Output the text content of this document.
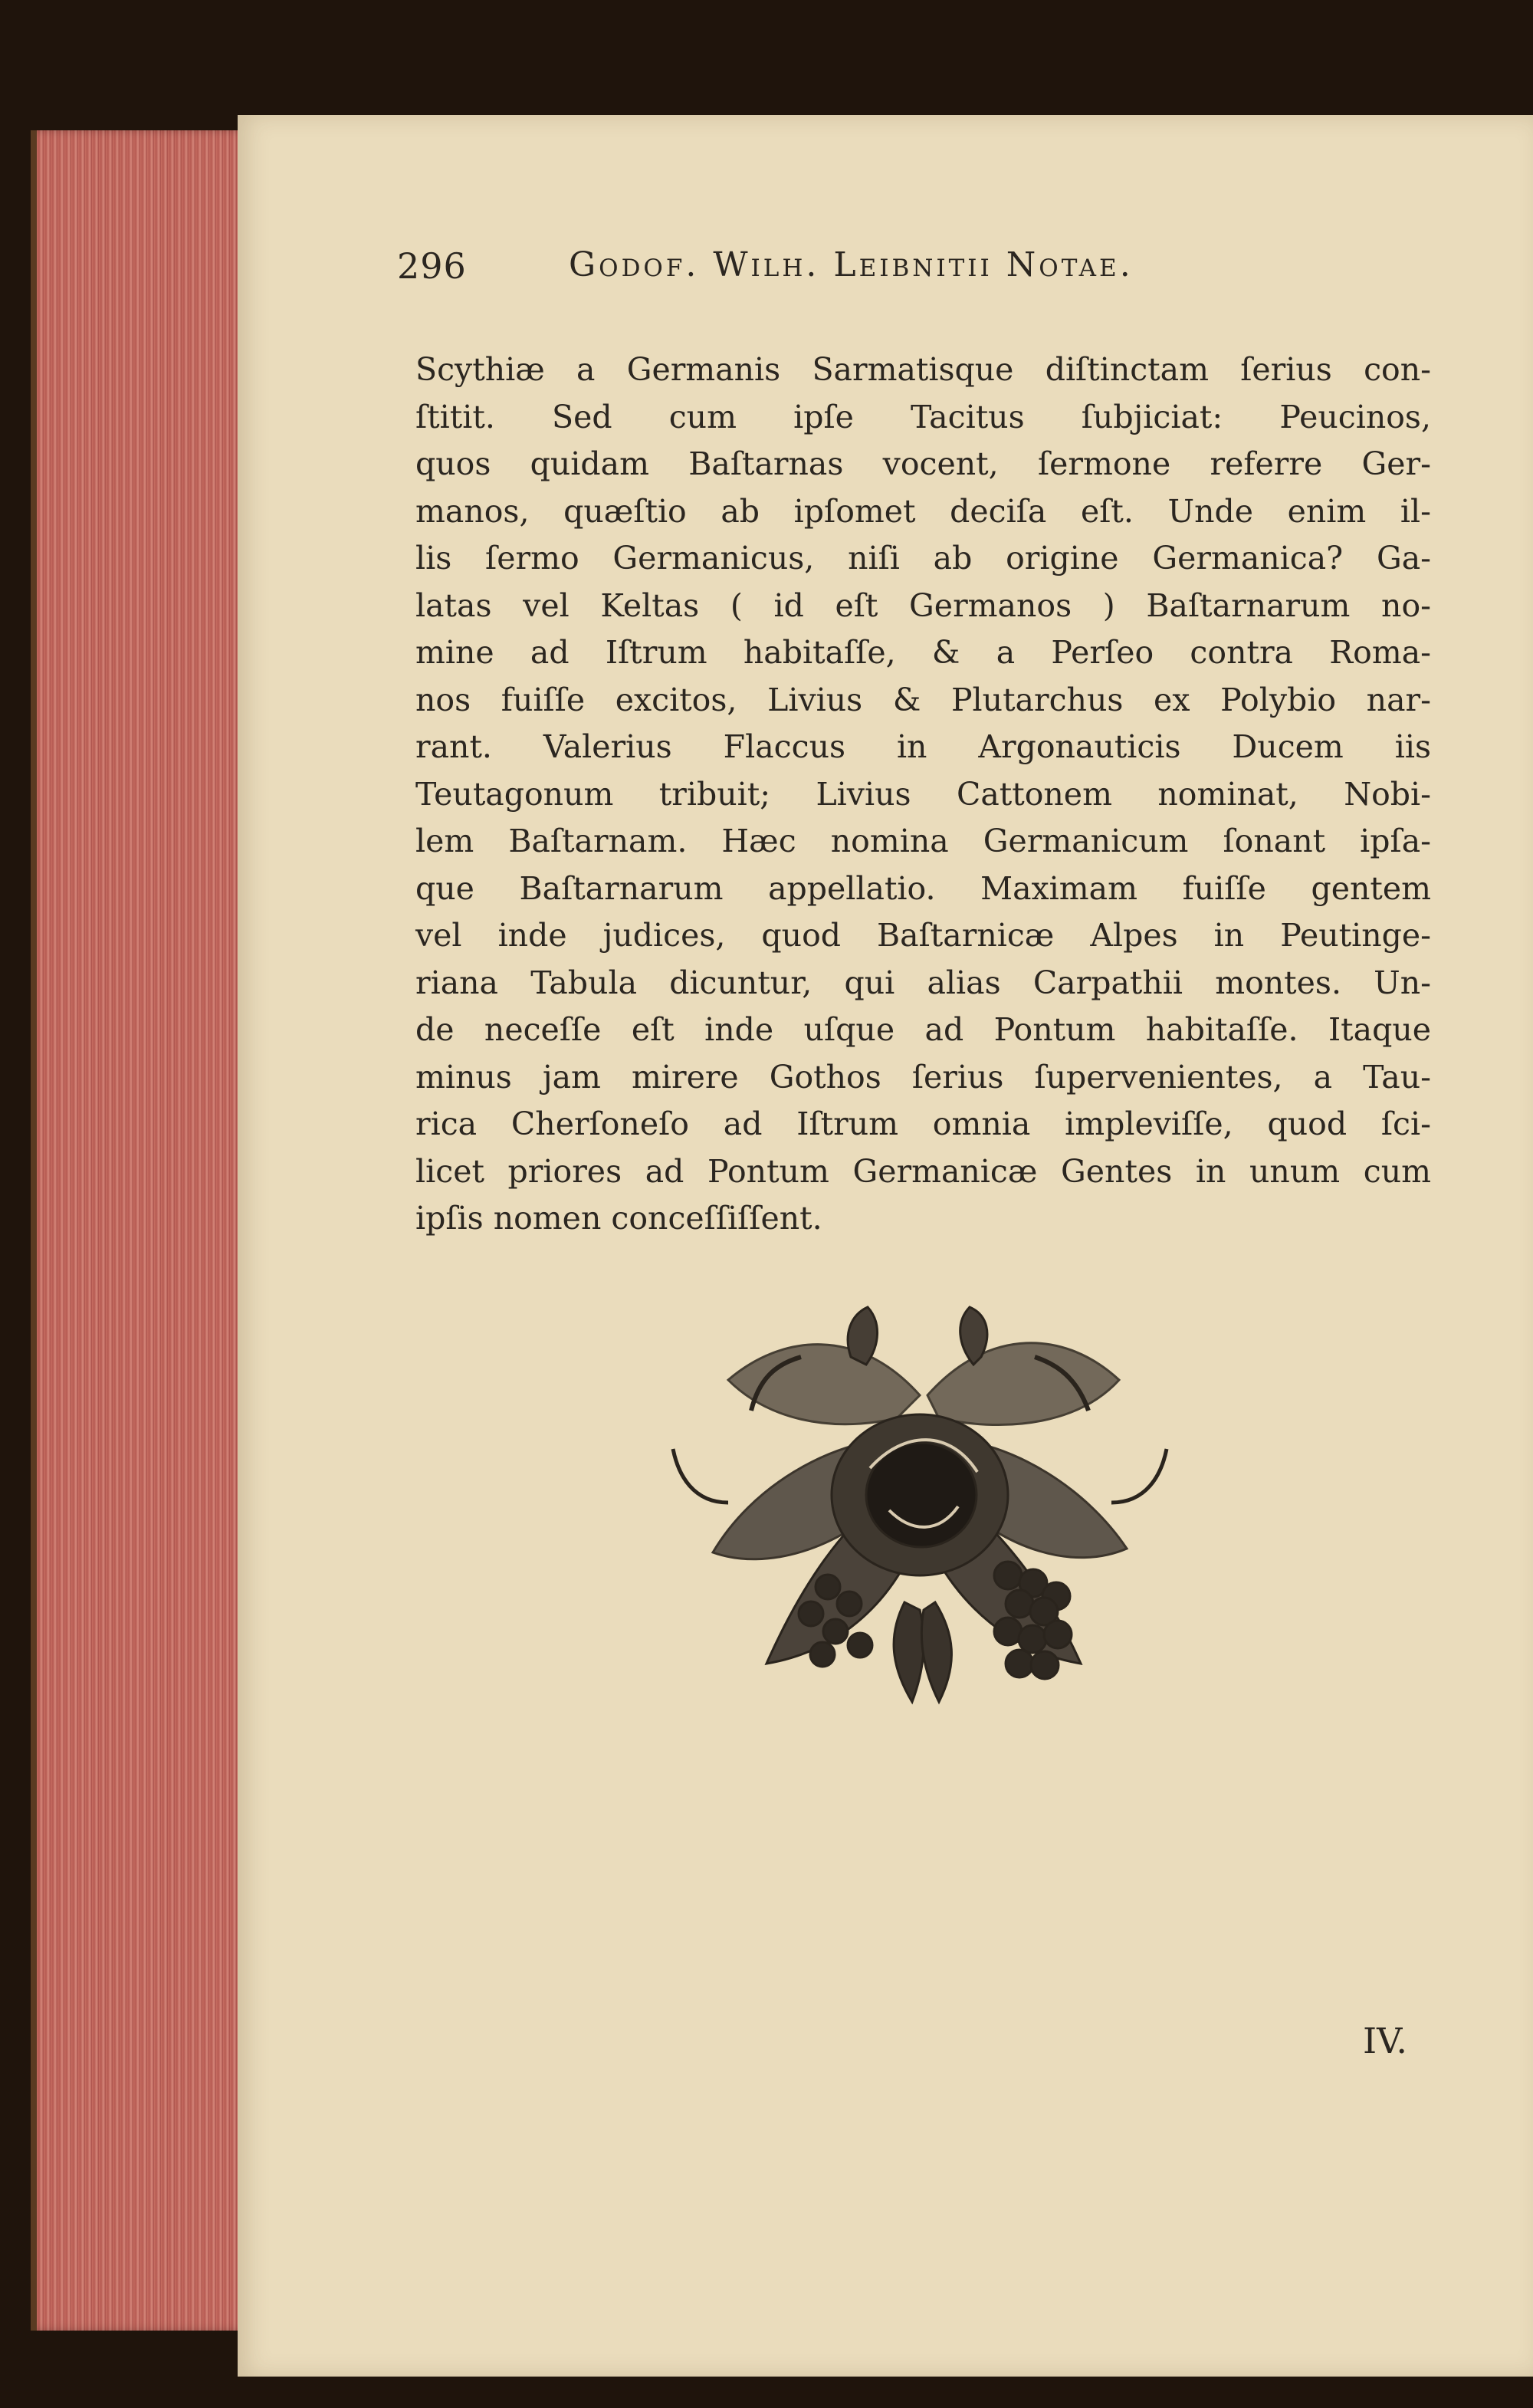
296	Godof. Wilh. Leibnitii Notae.
Scythiæ a Germanis Sarmatisque diſtinctam ſerius con-
ſtitit. Sed cum ipſe Tacitus ſubjiciat: Peucinos,
quos quidam Baſtarnas vocent, ſermone referre Ger-
manos, quæſtio ab ipſomet deciſa eſt. Unde enim il-
lis ſermo Germanicus, niſi ab origine Germanica? Ga-
latas vel Keltas ( id eſt Germanos ) Baſtarnarum no-
mine ad Iſtrum habitaſſe, & a Perſeo contra Roma-
nos fuiſſe excitos, Livius & Plutarchus ex Polybio nar-
rant. Valerius Flaccus in Argonauticis Ducem iis
Teutagonum tribuit; Livius Cattonem nominat, Nobi-
lem Baſtarnam. Hæc nomina Germanicum ſonant ipſa-
que Baſtarnarum appellatio. Maximam fuiſſe gentem
vel inde judices, quod Baſtarnicæ Alpes in Peutinge-
riana Tabula dicuntur, qui alias Carpathii montes. Un-
de neceſſe eſt inde uſque ad Pontum habitaſſe. Itaque
minus jam mirere Gothos ſerius ſupervenientes, a Tau-
rica Cherſoneſo ad Iſtrum omnia impleviſſe, quod ſci-
licet priores ad Pontum Germanicæ Gentes in unum cum
ipſis nomen conceſſiſſent.
IV.
